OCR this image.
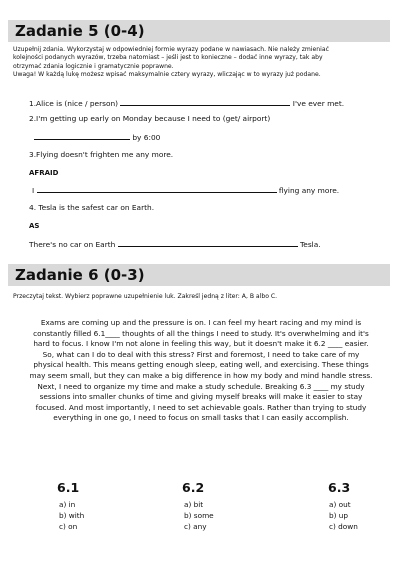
Zadanie 5 (0-4)
Uzupełnij zdania. Wykorzystaj w odpowiedniej formie wyrazy podane w nawiasach. Nie należy zmieniać
kolejności podanych wyrazów, trzeba natomiast – jeśli jest to konieczne – dodać inne wyrazy, tak aby
otrzymać zdania logicznie i gramatycznie poprawne.
Uwaga! W każdą lukę możesz wpisać maksymalnie cztery wyrazy, wliczając w to wyrazy już podane.
1.Alice is (nice / person)	I've ever met.
2.I'm getting up early on Monday because I need to (get/ airport)
by 6:00
3.Flying doesn't frighten me any more.
AFRAID
I	flying any more.
4. Tesla is the safest car on Earth.
AS
There's no car on Earth	Tesla.
Zadanie 6 (0-3)
Przeczytaj tekst. Wybierz poprawne uzupełnienie luk. Zakreśl jedną z liter: A, B albo C.

Exams are coming up and the pressure is on. I can feel my heart racing and my mind is constantly filled 6.1____ thoughts of all the things I need to study. It's overwhelming and it's hard to focus. I know I'm not alone in feeling this way, but it doesn't make it 6.2 ____ easier.

So, what can I do to deal with this stress? First and foremost, I need to take care of my physical health. This means getting enough sleep, eating well, and exercising. These things may seem small, but they can make a big difference in how my body and mind handle stress.

Next, I need to organize my time and make a study schedule. Breaking 6.3 ____ my study sessions into smaller chunks of time and giving myself breaks will make it easier to stay focused. And most importantly, I need to set achievable goals. Rather than trying to study everything in one go, I need to focus on small tasks that I can easily accomplish.

6.1
a) in
b) with
c) on
6.2
a) bit
b) some
c) any
6.3
a) out
b) up
c) down
